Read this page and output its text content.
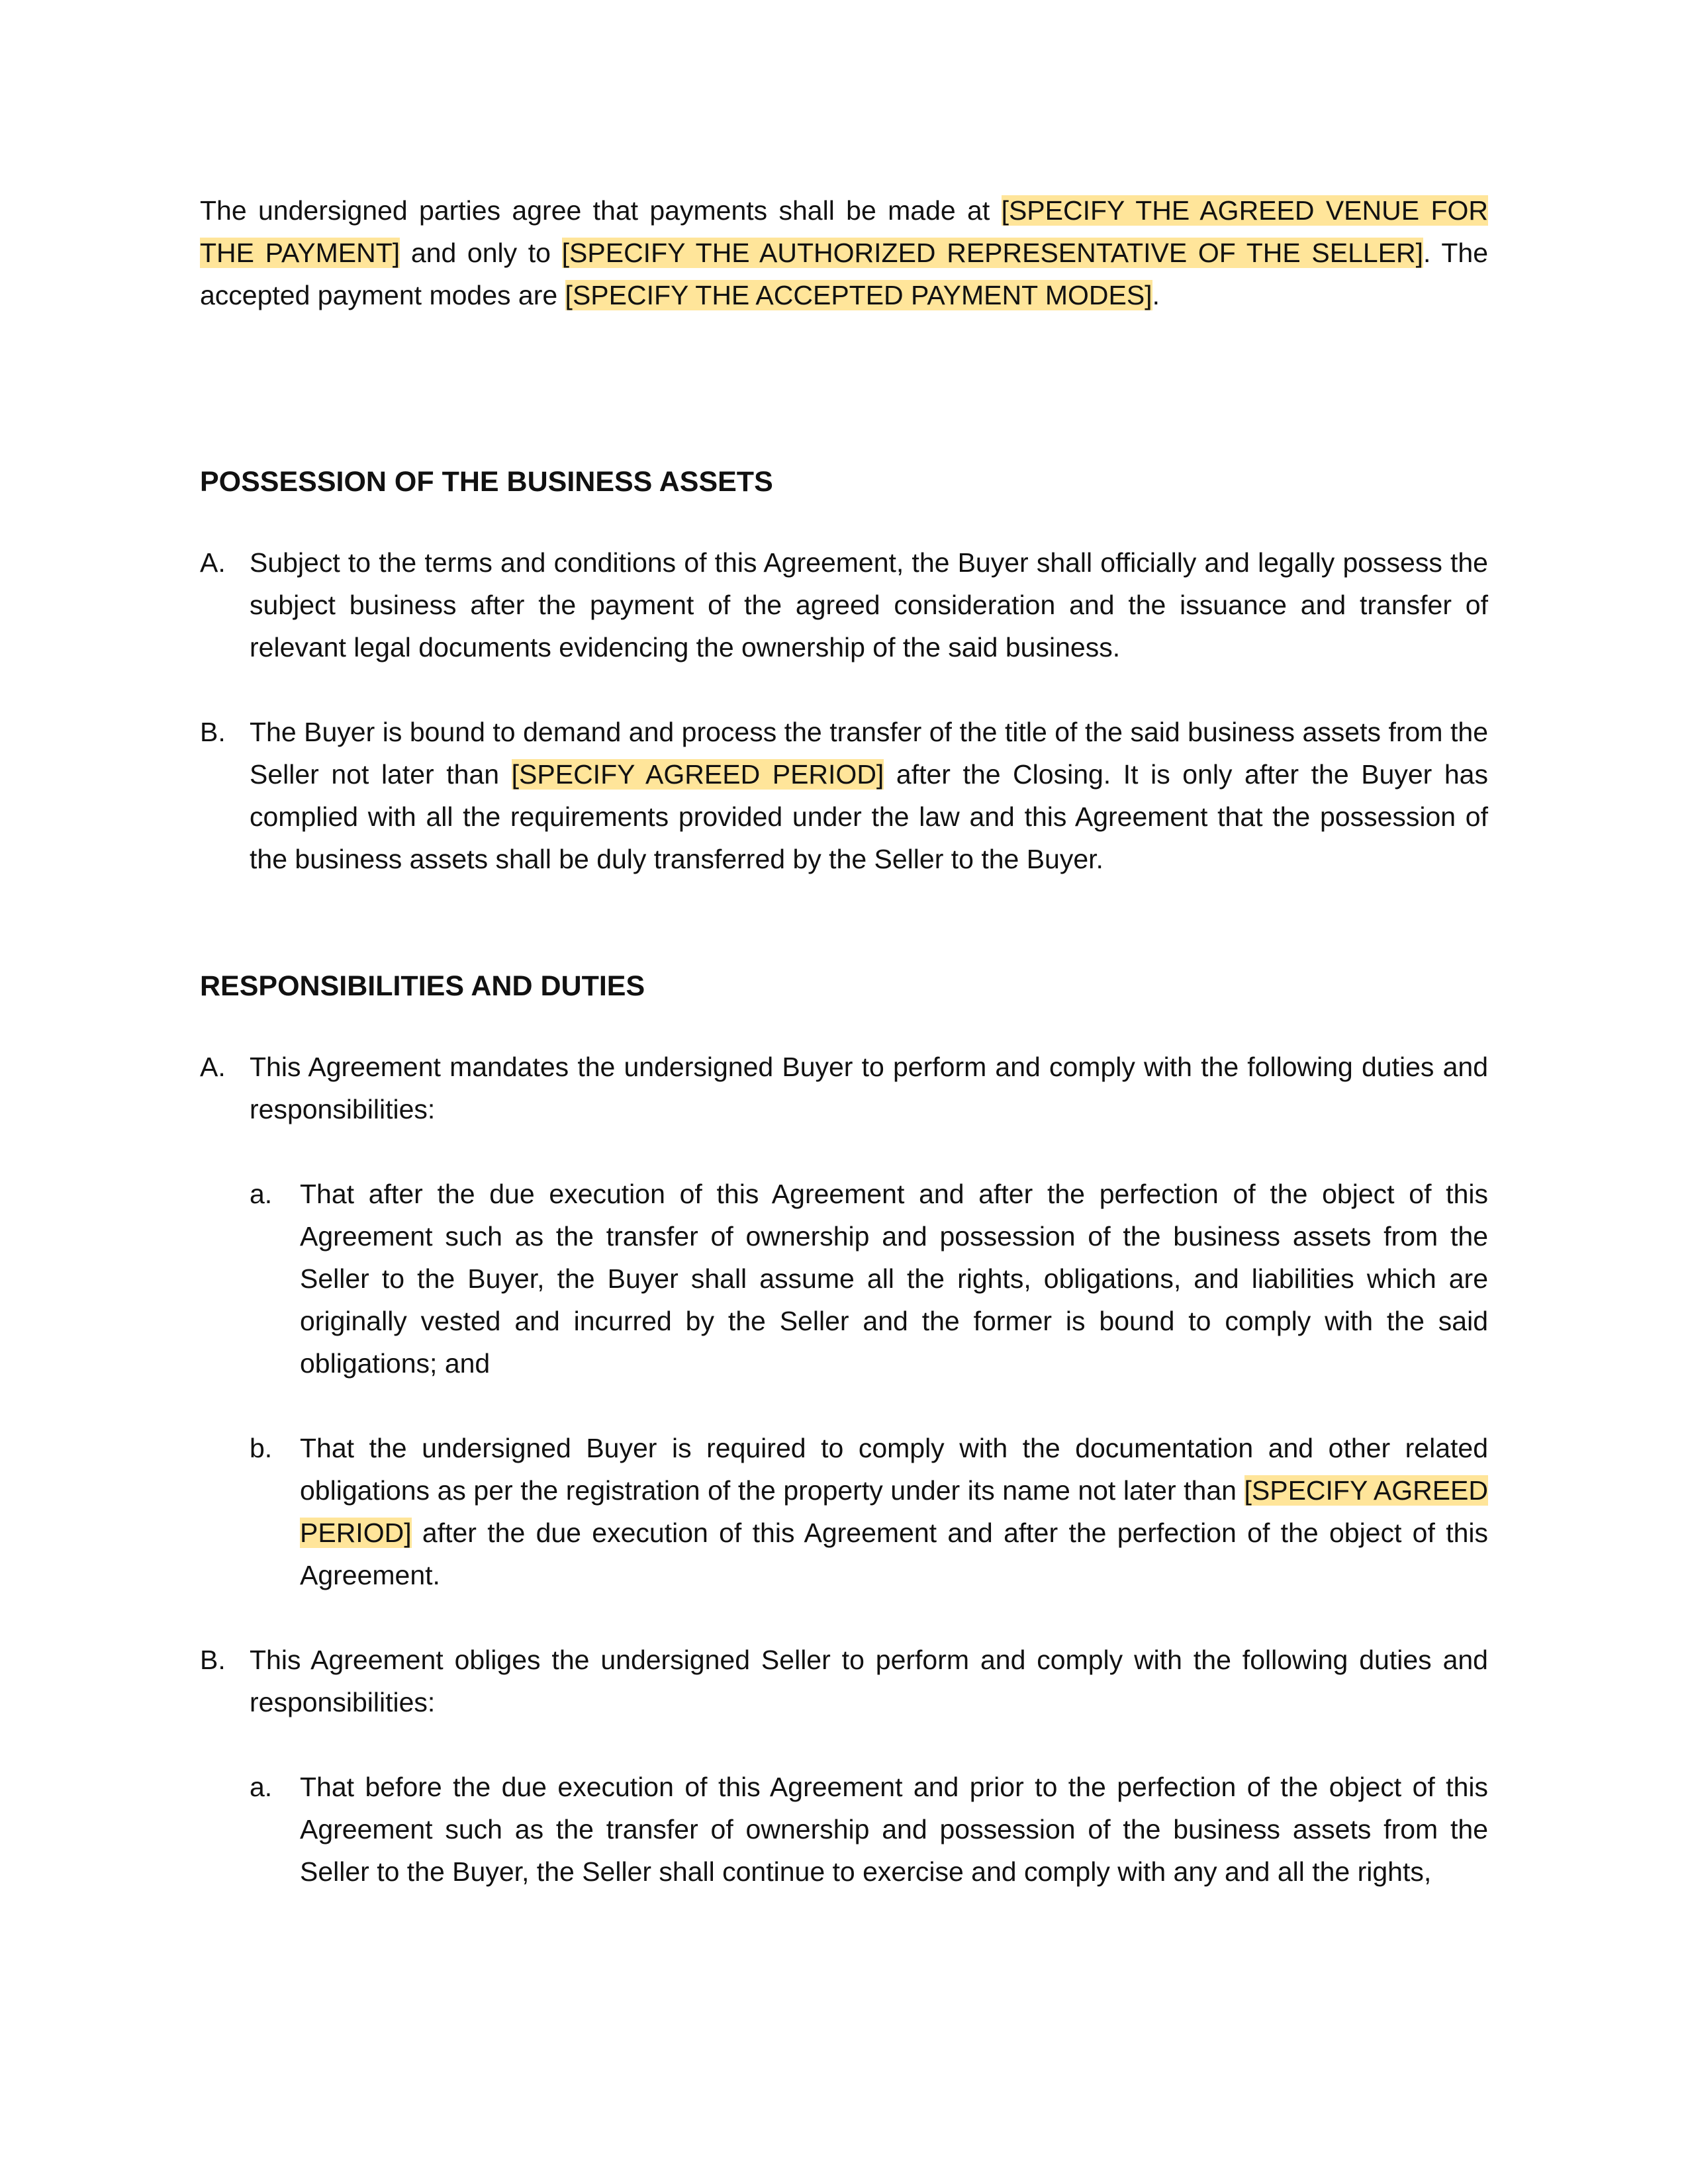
The undersigned parties agree that payments shall be made at [SPECIFY THE AGREED VENUE FOR THE PAYMENT] and only to [SPECIFY THE AUTHORIZED REPRESENTATIVE OF THE SELLER]. The accepted payment modes are [SPECIFY THE ACCEPTED PAYMENT MODES].

POSSESSION OF THE BUSINESS ASSETS
A. Subject to the terms and conditions of this Agreement, the Buyer shall officially and legally possess the subject business after the payment of the agreed consideration and the issuance and transfer of relevant legal documents evidencing the ownership of the said business.

B. The Buyer is bound to demand and process the transfer of the title of the said business assets from the Seller not later than [SPECIFY AGREED PERIOD] after the Closing. It is only after the Buyer has complied with all the requirements provided under the law and this Agreement that the possession of the business assets shall be duly transferred by the Seller to the Buyer.

RESPONSIBILITIES AND DUTIES
A. This Agreement mandates the undersigned Buyer to perform and comply with the following duties and responsibilities:

a. That after the due execution of this Agreement and after the perfection of the object of this Agreement such as the transfer of ownership and possession of the business assets from the Seller to the Buyer, the Buyer shall assume all the rights, obligations, and liabilities which are originally vested and incurred by the Seller and the former is bound to comply with the said obligations; and

b. That the undersigned Buyer is required to comply with the documentation and other related obligations as per the registration of the property under its name not later than [SPECIFY AGREED PERIOD] after the due execution of this Agreement and after the perfection of the object of this Agreement.

B. This Agreement obliges the undersigned Seller to perform and comply with the following duties and responsibilities:

a. That before the due execution of this Agreement and prior to the perfection of the object of this Agreement such as the transfer of ownership and possession of the business assets from the Seller to the Buyer, the Seller shall continue to exercise and comply with any and all the rights,
